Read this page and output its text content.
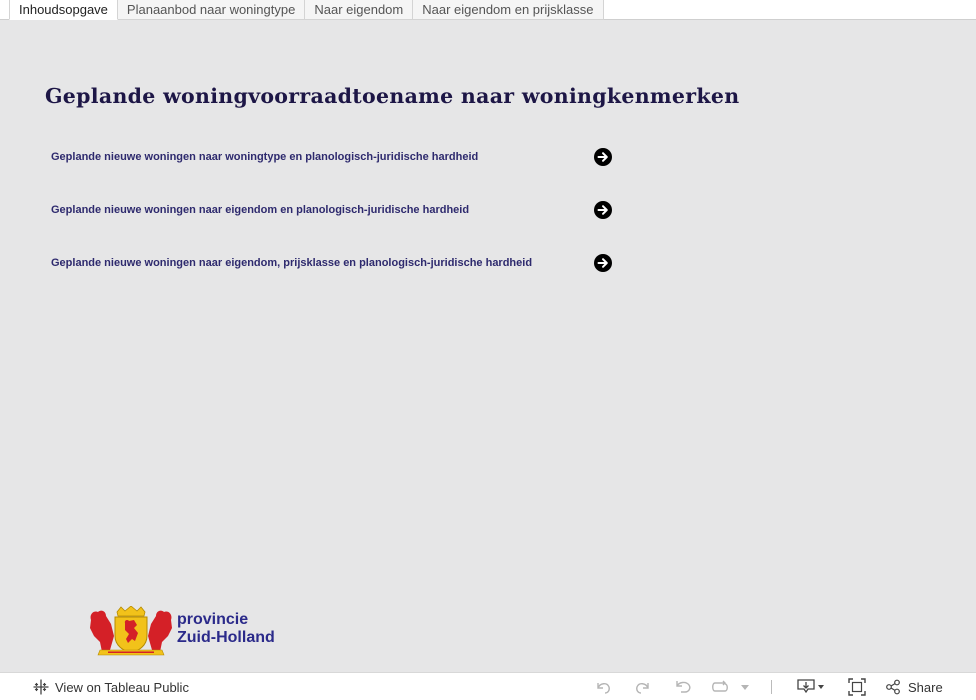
Inhoudsopgave	Planaanbod naar woningtype	Naar eigendom	Naar eigendom en prijsklasse
Geplande woningvoorraadtoename naar woningkenmerken
Geplande nieuwe woningen naar woningtype en planologisch-juridische hardheid
Geplande nieuwe woningen naar eigendom en planologisch-juridische hardheid
Geplande nieuwe woningen naar eigendom, prijsklasse en planologisch-juridische hardheid
provincie
Zuid-Holland
View on Tableau Public	Share
